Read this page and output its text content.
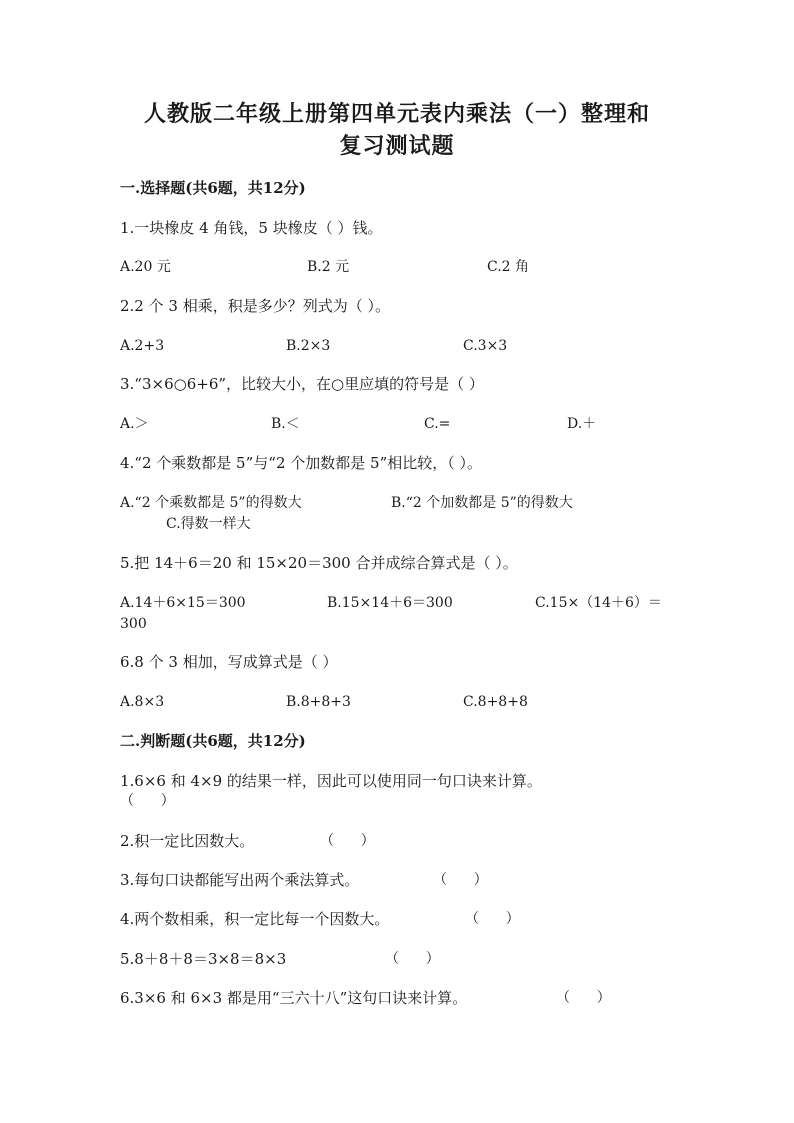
人教版二年级上册第四单元表内乘法（一）整理和
复习测试题
一.选择题(共6题，共12分)
1.一块橡皮 4 角钱，5 块橡皮（ ）钱。
A.20 元	B.2 元	C.2 角
2.2 个 3 相乘，积是多少？列式为（ ）。
A.2+3	B.2×3	C.3×3
3.“3×6○6+6”，比较大小，在○里应填的符号是（ ）
A.＞	B.＜	C.=	D.＋
4.“2 个乘数都是 5”与“2 个加数都是 5”相比较，（ ）。
A.“2 个乘数都是 5”的得数大	B.“2 个加数都是 5”的得数大
C.得数一样大
5.把 14＋6＝20 和 15×20＝300 合并成综合算式是（ ）。
A.14＋6×15＝300	B.15×14＋6＝300	C.15×（14＋6）＝
300
6.8 个 3 相加，写成算式是（ ）
A.8×3	B.8+8+3	C.8+8+8
二.判断题(共6题，共12分)
1.6×6 和 4×9 的结果一样，因此可以使用同一句口诀来计算。
（      ）
2.积一定比因数大。	（      ）
3.每句口诀都能写出两个乘法算式。	（      ）
4.两个数相乘，积一定比每一个因数大。	（      ）
5.8＋8＋8＝3×8＝8×3	（      ）
6.3×6 和 6×3 都是用“三六十八”这句口诀来计算。	（      ）
